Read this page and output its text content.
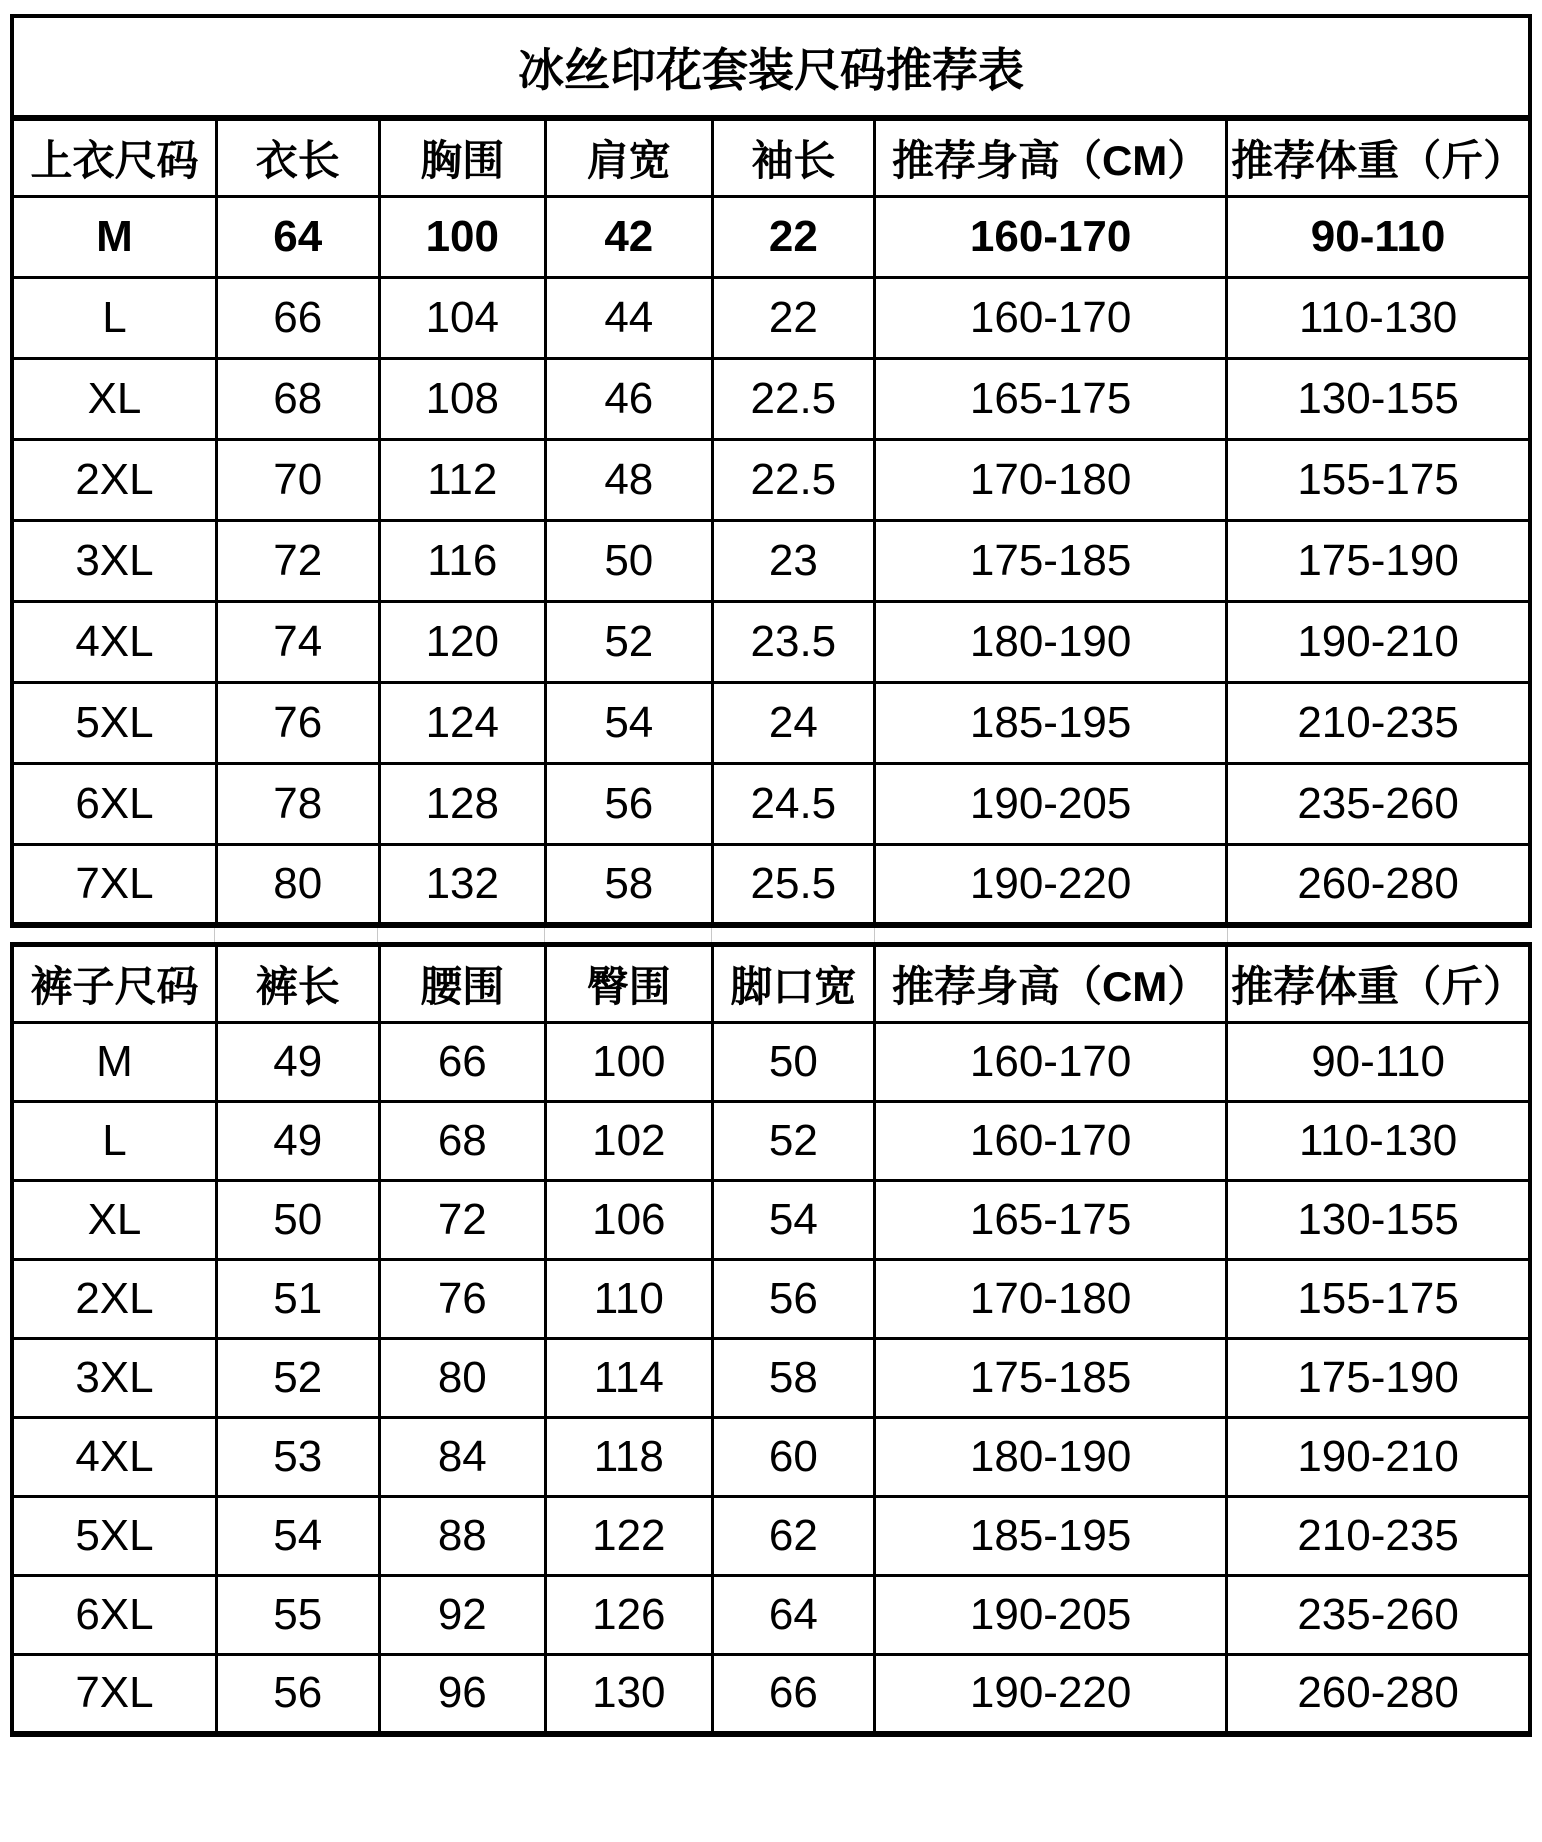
冰丝印花套装尺码推荐表						
上衣尺码	衣长	胸围	肩宽	袖长	推荐身高（CM）	推荐体重（斤）
M	64	100	42	22	160-170	90-110
L	66	104	44	22	160-170	110-130
XL	68	108	46	22.5	165-175	130-155
2XL	70	112	48	22.5	170-180	155-175
3XL	72	116	50	23	175-185	175-190
4XL	74	120	52	23.5	180-190	190-210
5XL	76	124	54	24	185-195	210-235
6XL	78	128	56	24.5	190-205	235-260
7XL	80	132	58	25.5	190-220	260-280
裤子尺码	裤长	腰围	臀围	脚口宽	推荐身高（CM）	推荐体重（斤）
M	49	66	100	50	160-170	90-110
L	49	68	102	52	160-170	110-130
XL	50	72	106	54	165-175	130-155
2XL	51	76	110	56	170-180	155-175
3XL	52	80	114	58	175-185	175-190
4XL	53	84	118	60	180-190	190-210
5XL	54	88	122	62	185-195	210-235
6XL	55	92	126	64	190-205	235-260
7XL	56	96	130	66	190-220	260-280
